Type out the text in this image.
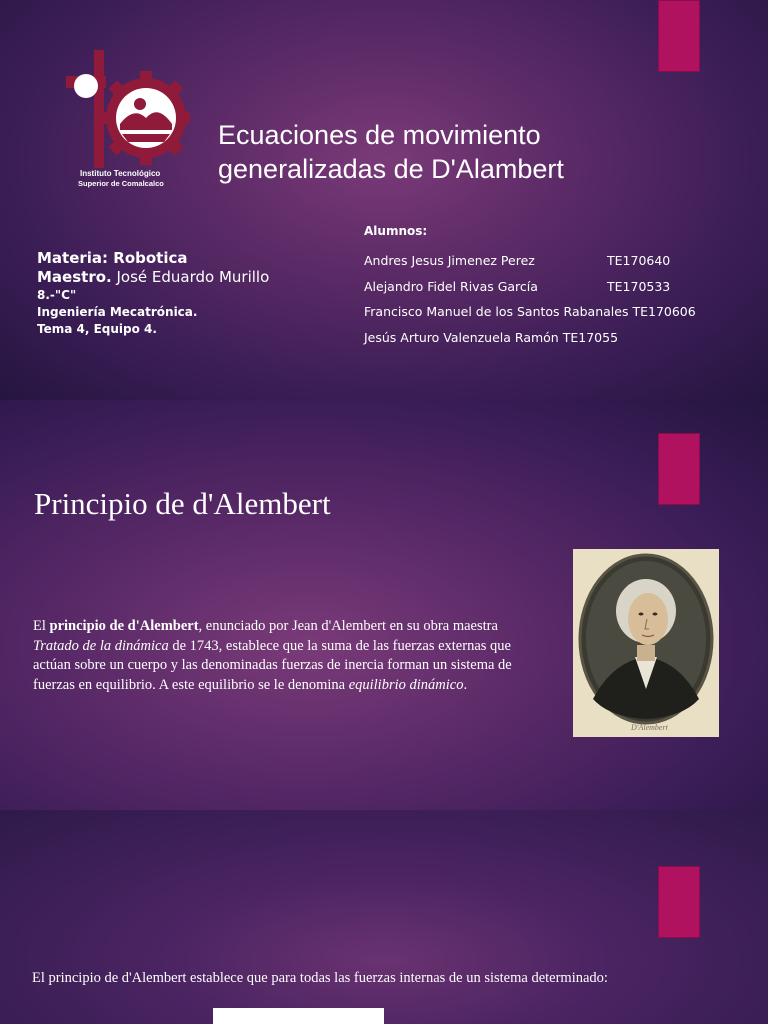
Instituto Tecnológico
Superior de Comalcalco
Ecuaciones de movimiento
generalizadas de D'Alambert
Materia: Robotica
Maestro. José Eduardo Murillo
8.-"C"
Ingeniería Mecatrónica.
Tema 4, Equipo 4.
Alumnos:
Andres Jesus Jimenez Perez	TE170640
Alejandro Fidel Rivas García	TE170533
Francisco Manuel de los Santos Rabanales
TE170606
Jesús Arturo Valenzuela Ramón
TE17055
Principio de d'Alembert
El principio de d'Alembert, enunciado por Jean d'Alembert en su obra maestra Tratado de la dinámica de 1743, establece que la suma de las fuerzas externas que actúan sobre un cuerpo y las denominadas fuerzas de inercia forman un sistema de fuerzas en equilibrio. A este equilibrio se le denomina equilibrio dinámico.
D'Alembert
El principio de d'Alembert establece que para todas las fuerzas internas de un sistema determinado:
